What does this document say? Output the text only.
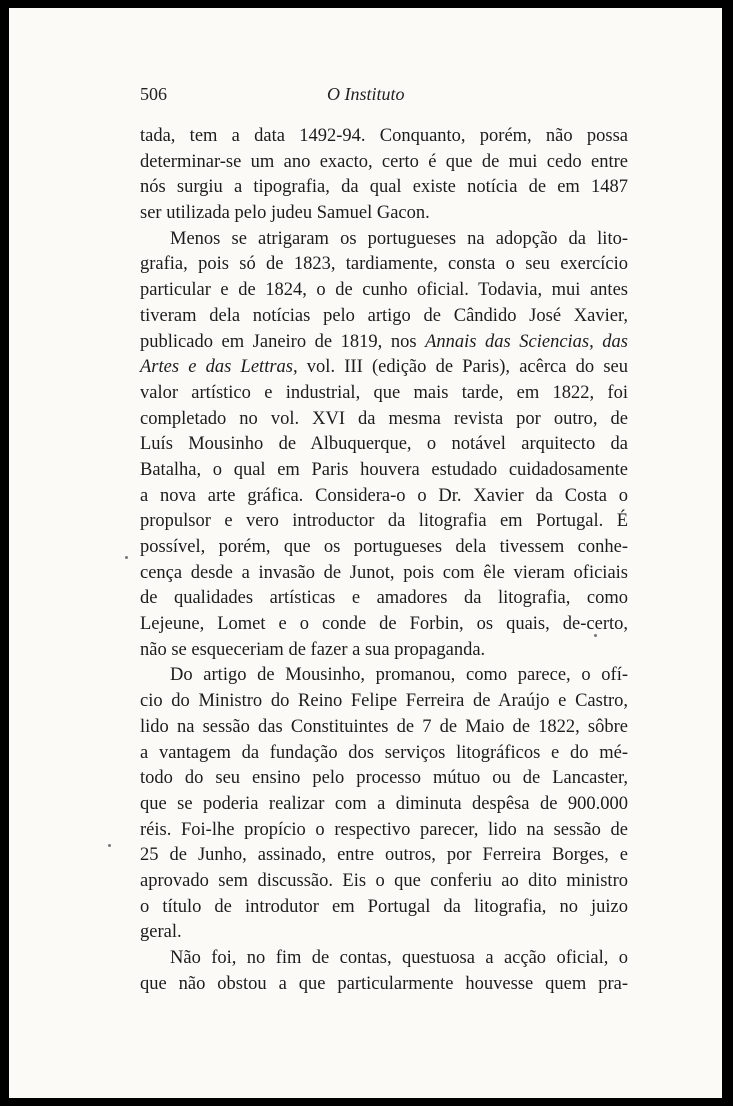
506	O Instituto
tada, tem a data 1492-94. Conquanto, porém, não possa
determinar-se um ano exacto, certo é que de mui cedo entre
nós surgiu a tipografia, da qual existe notícia de em 1487
ser utilizada pelo judeu Samuel Gacon.
Menos se atrigaram os portugueses na adopção da lito-
grafia, pois só de 1823, tardiamente, consta o seu exercício
particular e de 1824, o de cunho oficial. Todavia, mui antes
tiveram dela notícias pelo artigo de Cândido José Xavier,
publicado em Janeiro de 1819, nos Annais das Sciencias, das
Artes e das Lettras, vol. III (edição de Paris), acêrca do seu
valor artístico e industrial, que mais tarde, em 1822, foi
completado no vol. XVI da mesma revista por outro, de
Luís Mousinho de Albuquerque, o notável arquitecto da
Batalha, o qual em Paris houvera estudado cuidadosamente
a nova arte gráfica. Considera-o o Dr. Xavier da Costa o
propulsor e vero introductor da litografia em Portugal. É
possível, porém, que os portugueses dela tivessem conhe-
cença desde a invasão de Junot, pois com êle vieram oficiais
de qualidades artísticas e amadores da litografia, como
Lejeune, Lomet e o conde de Forbin, os quais, de-certo,
não se esqueceriam de fazer a sua propaganda.
Do artigo de Mousinho, promanou, como parece, o ofí-
cio do Ministro do Reino Felipe Ferreira de Araújo e Castro,
lido na sessão das Constituintes de 7 de Maio de 1822, sôbre
a vantagem da fundação dos serviços litográficos e do mé-
todo do seu ensino pelo processo mútuo ou de Lancaster,
que se poderia realizar com a diminuta despêsa de 900.000
réis. Foi-lhe propício o respectivo parecer, lido na sessão de
25 de Junho, assinado, entre outros, por Ferreira Borges, e
aprovado sem discussão. Eis o que conferiu ao dito ministro
o título de introdutor em Portugal da litografia, no juizo
geral.
Não foi, no fim de contas, questuosa a acção oficial, o
que não obstou a que particularmente houvesse quem pra-
